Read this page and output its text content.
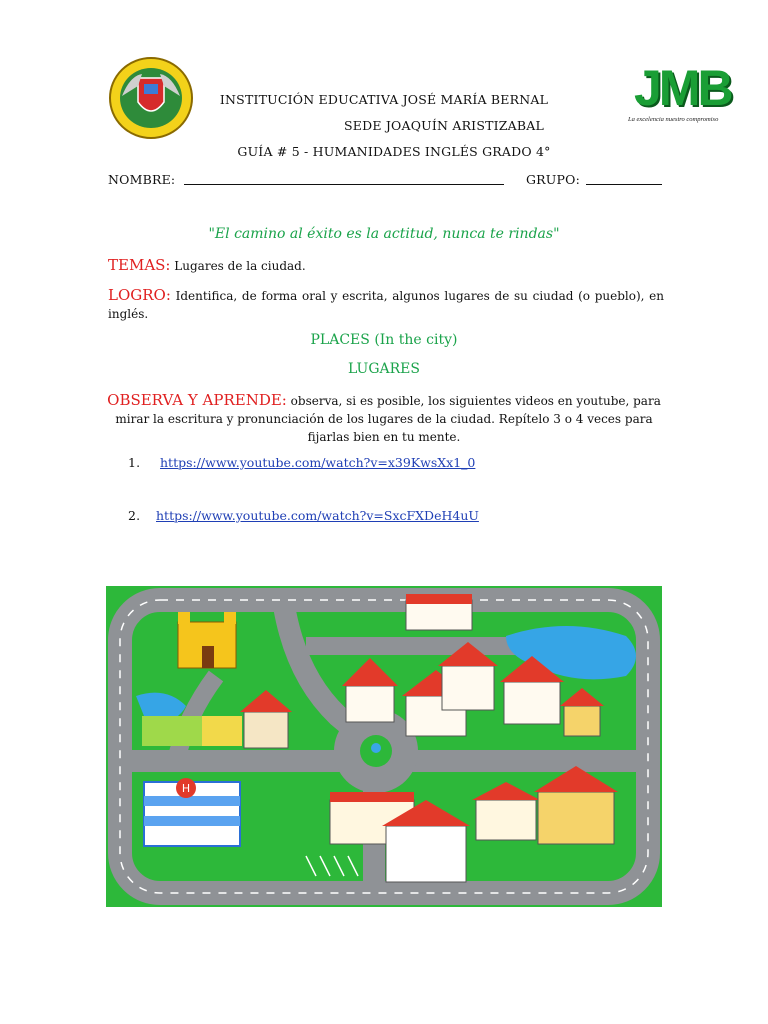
JMB
La excelencia nuestro compromiso
INSTITUCIÓN EDUCATIVA JOSÉ MARÍA BERNAL
SEDE JOAQUÍN ARISTIZABAL
GUÍA # 5 - HUMANIDADES INGLÉS GRADO 4°
NOMBRE:	GRUPO:
"El camino al éxito es la actitud, nunca te rindas"
TEMAS: Lugares de la ciudad.
LOGRO: Identifica, de forma oral y escrita, algunos lugares de su ciudad (o pueblo), en inglés.
PLACES (In the city)
LUGARES
OBSERVA Y APRENDE: observa, si es posible, los siguientes videos en youtube, para mirar la escritura y pronunciación de los lugares de la ciudad. Repítelo 3 o 4 veces para fijarlas bien en tu mente.
1. https://www.youtube.com/watch?v=x39KwsXx1_0
2. https://www.youtube.com/watch?v=SxcFXDeH4uU
H
